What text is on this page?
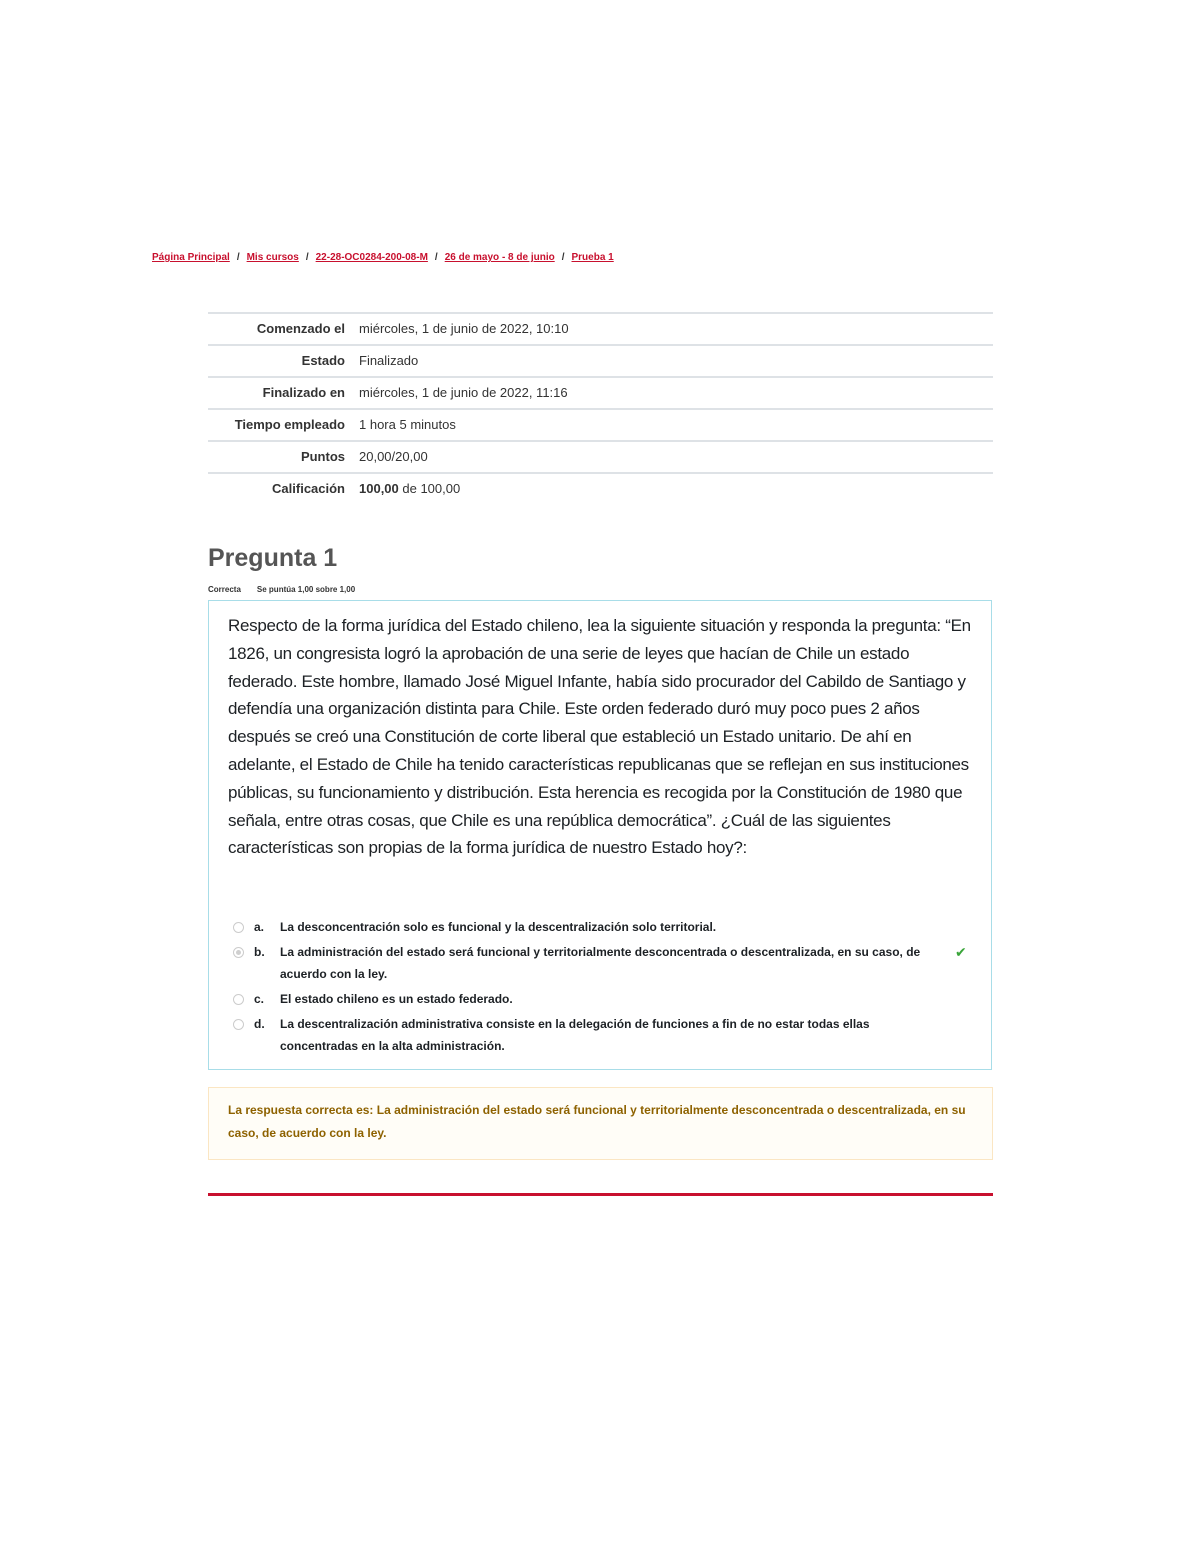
Página Principal / Mis cursos / 22-28-OC0284-200-08-M / 26 de mayo - 8 de junio / Prueba 1
Comenzado el	miércoles, 1 de junio de 2022, 10:10
Estado	Finalizado
Finalizado en	miércoles, 1 de junio de 2022, 11:16
Tiempo empleado	1 hora 5 minutos
Puntos	20,00/20,00
Calificación	100,00 de 100,00
Pregunta 1
Correcta Se puntúa 1,00 sobre 1,00

Respecto de la forma jurídica del Estado chileno, lea la siguiente situación y responda la pregunta: “En 1826, un congresista logró la aprobación de una serie de leyes que hacían de Chile un estado federado. Este hombre, llamado José Miguel Infante, había sido procurador del Cabildo de Santiago y defendía una organización distinta para Chile. Este orden federado duró muy poco pues 2 años después se creó una Constitución de corte liberal que estableció un Estado unitario. De ahí en adelante, el Estado de Chile ha tenido características republicanas que se reflejan en sus instituciones públicas, su funcionamiento y distribución. Esta herencia es recogida por la Constitución de 1980 que señala, entre otras cosas, que Chile es una república democrática”. ¿Cuál de las siguientes características son propias de la forma jurídica de nuestro Estado hoy?:

a.	La desconcentración solo es funcional y la descentralización solo territorial.
b.	La administración del estado será funcional y territorialmente desconcentrada o descentralizada, en su caso, de acuerdo con la ley.
✔
c.	El estado chileno es un estado federado.
d.	La descentralización administrativa consiste en la delegación de funciones a fin de no estar todas ellas concentradas en la alta administración.
La respuesta correcta es: La administración del estado será funcional y territorialmente desconcentrada o descentralizada, en su caso, de acuerdo con la ley.
